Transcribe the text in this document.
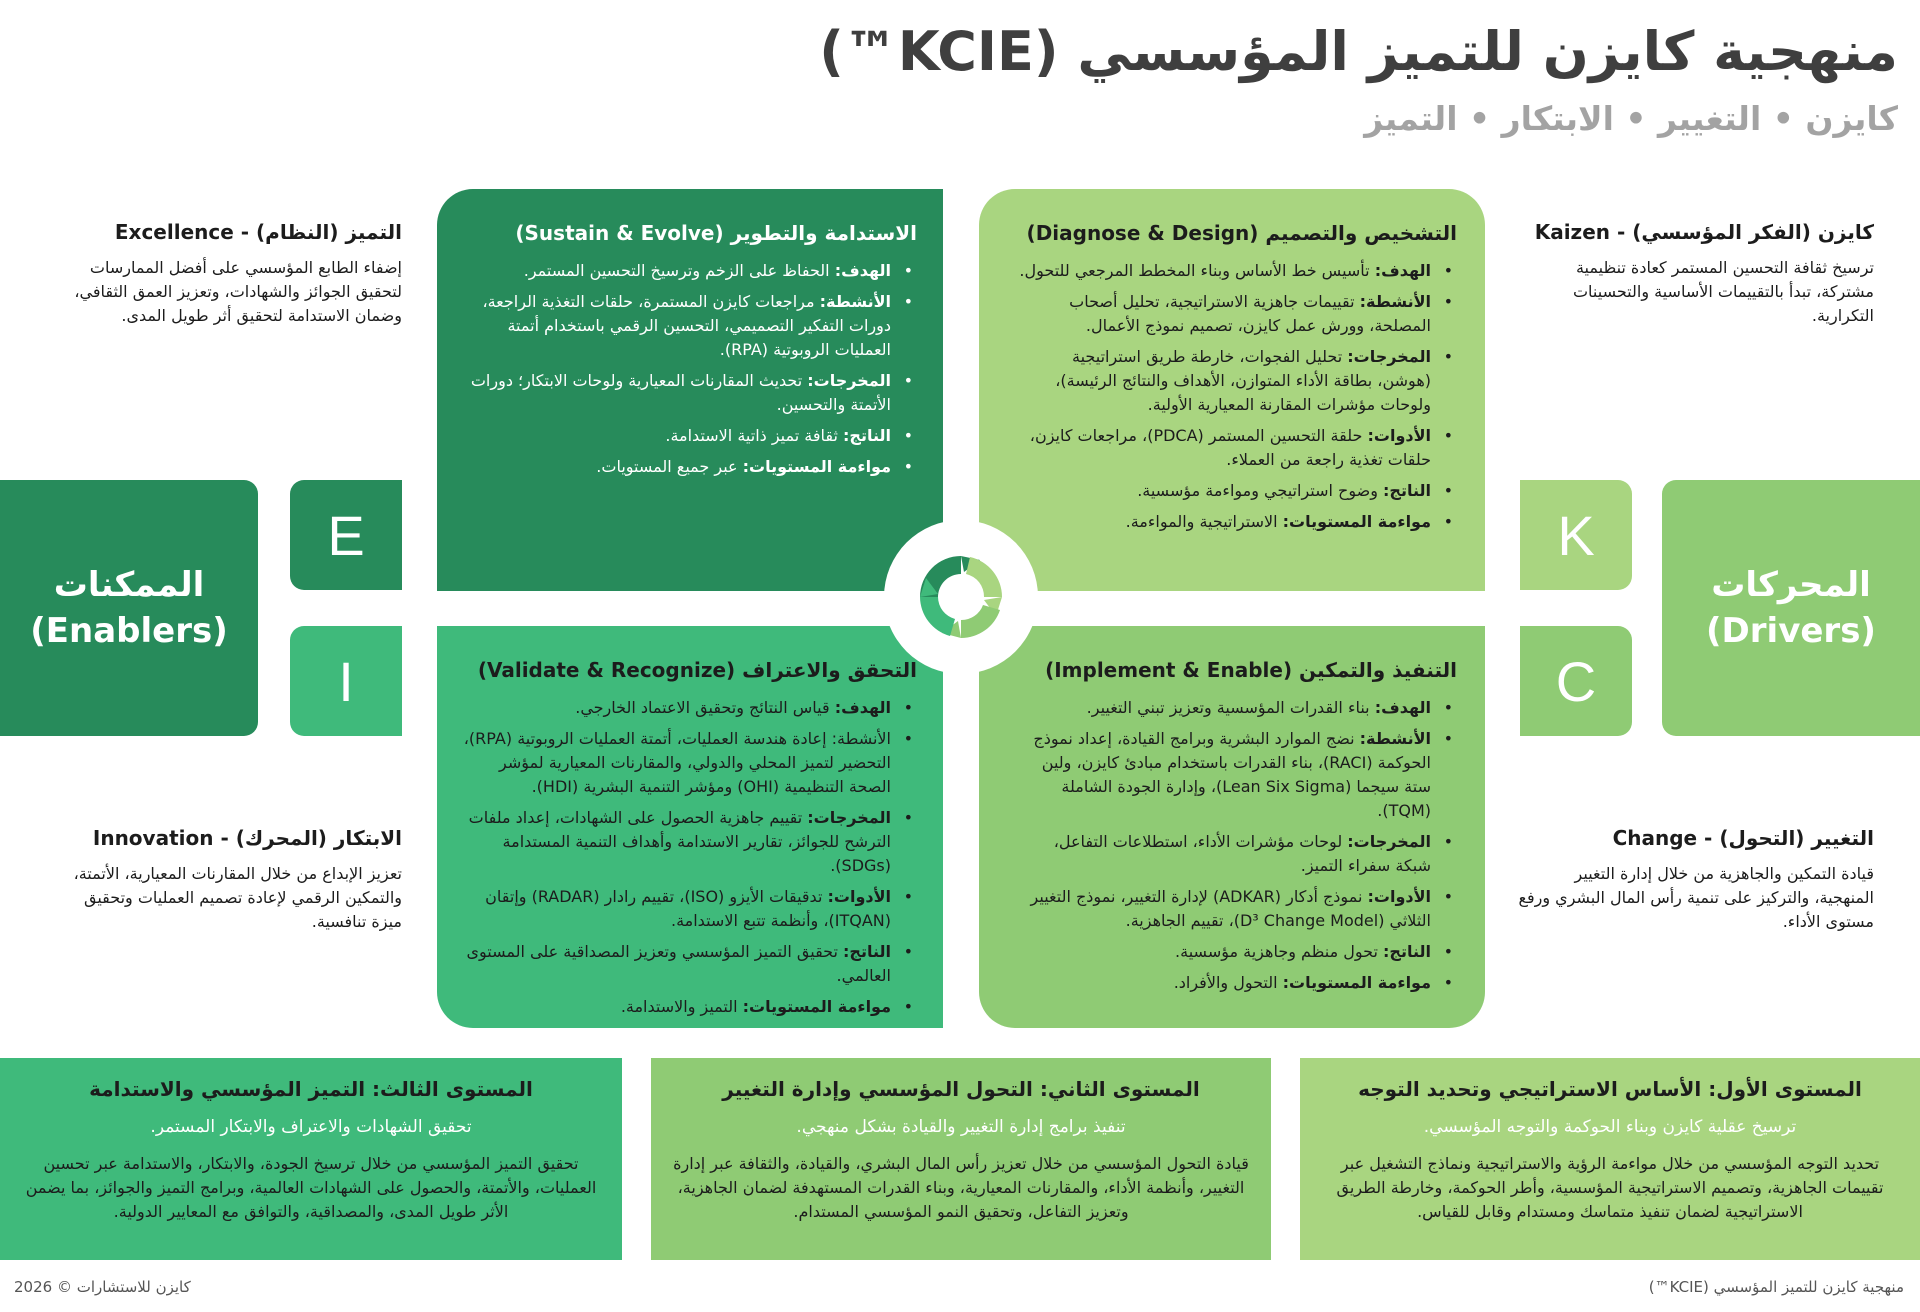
منهجية كايزن للتميز المؤسسي (KCIE™)
كايزن • التغيير • الابتكار • التميز
كايزن (الفكر المؤسسي) - Kaizen

ترسيخ ثقافة التحسين المستمر كعادة تنظيمية مشتركة، تبدأ بالتقييمات الأساسية والتحسينات التكرارية.

التميز (النظام) - Excellence

إضفاء الطابع المؤسسي على أفضل الممارسات لتحقيق الجوائز والشهادات، وتعزيز العمق الثقافي، وضمان الاستدامة لتحقيق أثر طويل المدى.

التغيير (التحول) - Change

قيادة التمكين والجاهزية من خلال إدارة التغيير المنهجية، والتركيز على تنمية رأس المال البشري ورفع مستوى الأداء.

الابتكار (المحرك) - Innovation

تعزيز الإبداع من خلال المقارنات المعيارية، الأتمتة، والتمكين الرقمي لإعادة تصميم العمليات وتحقيق ميزة تنافسية.

الممكنات
(Enablers)
المحركات
(Drivers)
E
I
K
C
التشخيص والتصميم (Diagnose & Design)
• الهدف: تأسيس خط الأساس وبناء المخطط المرجعي للتحول.
• الأنشطة: تقييمات جاهزية الاستراتيجية، تحليل أصحاب المصلحة، وورش عمل كايزن، تصميم نموذج الأعمال.
• المخرجات: تحليل الفجوات، خارطة طريق استراتيجية (هوشن، بطاقة الأداء المتوازن، الأهداف والنتائج الرئيسة)، ولوحات مؤشرات المقارنة المعيارية الأولية.
• الأدوات: حلقة التحسين المستمر (PDCA)، مراجعات كايزن، حلقات تغذية راجعة من العملاء.
• الناتج: وضوح استراتيجي ومواءمة مؤسسية.
• مواءمة المستويات: الاستراتيجية والمواءمة.
الاستدامة والتطوير (Sustain & Evolve)
• الهدف: الحفاظ على الزخم وترسيخ التحسين المستمر.
• الأنشطة: مراجعات كايزن المستمرة، حلقات التغذية الراجعة، دورات التفكير التصميمي، التحسين الرقمي باستخدام أتمتة العمليات الروبوتية (RPA).
• المخرجات: تحديث المقارنات المعيارية ولوحات الابتكار؛ دورات الأتمتة والتحسين.
• الناتج: ثقافة تميز ذاتية الاستدامة.
• مواءمة المستويات: عبر جميع المستويات.
التنفيذ والتمكين (Implement & Enable)
• الهدف: بناء القدرات المؤسسية وتعزيز تبني التغيير.
• الأنشطة: نضج الموارد البشرية وبرامج القيادة، إعداد نموذج الحوكمة (RACI)، بناء القدرات باستخدام مبادئ كايزن، ولين ستة سيجما (Lean Six Sigma)، وإدارة الجودة الشاملة (TQM).
• المخرجات: لوحات مؤشرات الأداء، استطلاعات التفاعل، شبكة سفراء التميز.
• الأدوات: نموذج أدكار (ADKAR) لإدارة التغيير، نموذج التغيير الثلاثي (D³ Change Model)، تقييم الجاهزية.
• الناتج: تحول منظم وجاهزية مؤسسية.
• مواءمة المستويات: التحول والأفراد.
التحقق والاعتراف (Validate & Recognize)
• الهدف: قياس النتائج وتحقيق الاعتماد الخارجي.
• الأنشطة: إعادة هندسة العمليات، أتمتة العمليات الروبوتية (RPA)، التحضير لتميز المحلي والدولي، والمقارنات المعيارية لمؤشر الصحة التنظيمية (OHI) ومؤشر التنمية البشرية (HDI).
• المخرجات: تقييم جاهزية الحصول على الشهادات، إعداد ملفات الترشح للجوائز، تقارير الاستدامة وأهداف التنمية المستدامة (SDGs).
• الأدوات: تدقيقات الأيزو (ISO)، تقييم رادار (RADAR) وإتقان (ITQAN)، وأنظمة تتبع الاستدامة.
• الناتج: تحقيق التميز المؤسسي وتعزيز المصداقية على المستوى العالمي.
• مواءمة المستويات: التميز والاستدامة.
المستوى الأول: الأساس الاستراتيجي وتحديد التوجه

ترسيخ عقلية كايزن وبناء الحوكمة والتوجه المؤسسي.

تحديد التوجه المؤسسي من خلال مواءمة الرؤية والاستراتيجية ونماذج التشغيل عبر تقييمات الجاهزية، وتصميم الاستراتيجية المؤسسية، وأطر الحوكمة، وخارطة الطريق الاستراتيجية لضمان تنفيذ متماسك ومستدام وقابل للقياس.

المستوى الثاني: التحول المؤسسي وإدارة التغيير

تنفيذ برامج إدارة التغيير والقيادة بشكل منهجي.

قيادة التحول المؤسسي من خلال تعزيز رأس المال البشري، والقيادة، والثقافة عبر إدارة التغيير، وأنظمة الأداء، والمقارنات المعيارية، وبناء القدرات المستهدفة لضمان الجاهزية، وتعزيز التفاعل، وتحقيق النمو المؤسسي المستدام.

المستوى الثالث: التميز المؤسسي والاستدامة

تحقيق الشهادات والاعتراف والابتكار المستمر.

تحقيق التميز المؤسسي من خلال ترسيخ الجودة، والابتكار، والاستدامة عبر تحسين العمليات، والأتمتة، والحصول على الشهادات العالمية، وبرامج التميز والجوائز، بما يضمن الأثر طويل المدى، والمصداقية، والتوافق مع المعايير الدولية.

منهجية كايزن للتميز المؤسسي (KCIE™)
كايزن للاستشارات © 2026
